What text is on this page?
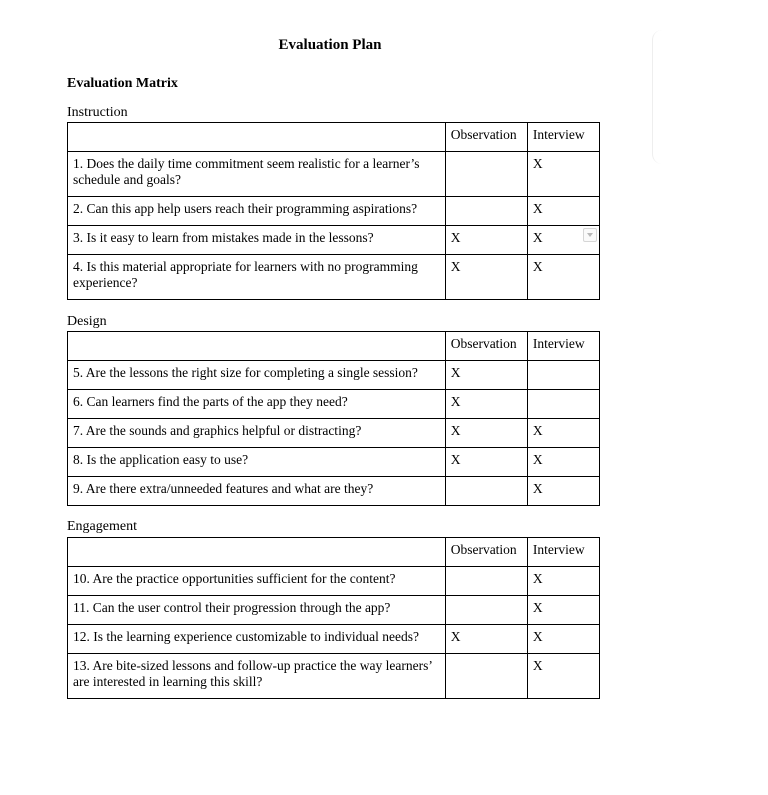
Evaluation Plan
Evaluation Matrix
Instruction
	Observation	Interview
1. Does the daily time commitment seem realistic for a learner’s schedule and goals?		X
2. Can this app help users reach their programming aspirations?		X
3. Is it easy to learn from mistakes made in the lessons?	X	X
4. Is this material appropriate for learners with no programming experience?	X	X
Design
	Observation	Interview
5. Are the lessons the right size for completing a single session?	X	
6. Can learners find the parts of the app they need?	X	
7. Are the sounds and graphics helpful or distracting?	X	X
8. Is the application easy to use?	X	X
9. Are there extra/unneeded features and what are they?		X
Engagement
	Observation	Interview
10. Are the practice opportunities sufficient for the content?		X
11. Can the user control their progression through the app?		X
12. Is the learning experience customizable to individual needs?	X	X
13. Are bite-sized lessons and follow-up practice the way learners’ are interested in learning this skill?		X
